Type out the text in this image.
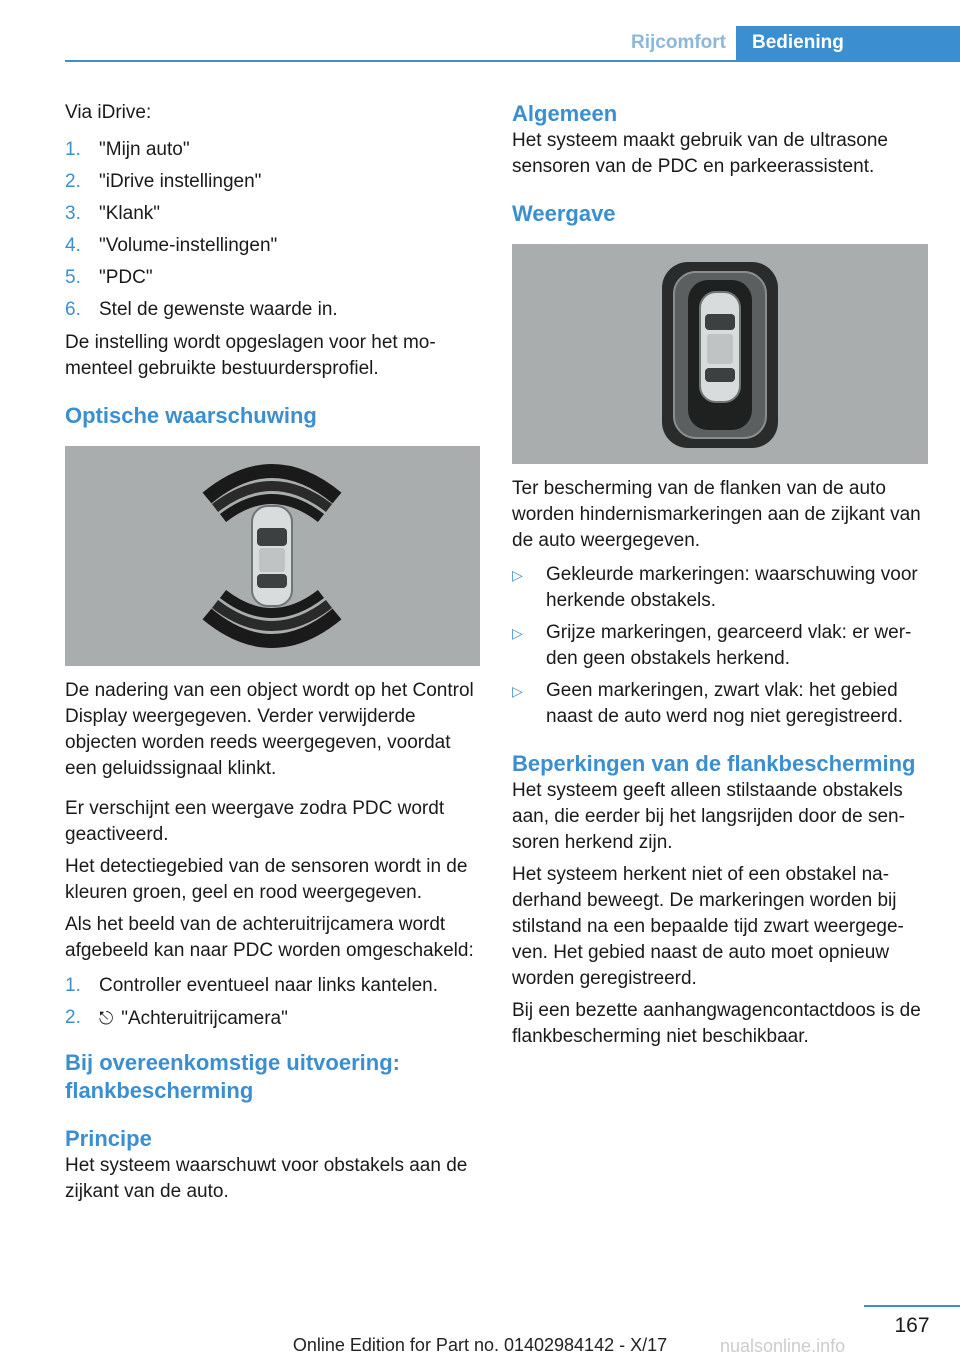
Rijcomfort	Bediening

Via iDrive:

1. "Mijn auto"
2. "iDrive instellingen"
3. "Klank"
4. "Volume-instellingen"
5. "PDC"
6. Stel de gewenste waarde in.

De instelling wordt opgeslagen voor het momenteel gebruikte bestuurdersprofiel.

Optische waarschuwing

De nadering van een object wordt op het Control Display weergegeven. Verder verwijderde objecten worden reeds weergegeven, voordat een geluidssignaal klinkt.

Er verschijnt een weergave zodra PDC wordt geactiveerd.

Het detectiegebied van de sensoren wordt in de kleuren groen, geel en rood weergegeven.

Als het beeld van de achteruitrijcamera wordt afgebeeld kan naar PDC worden omgeschakeld:

1. Controller eventueel naar links kantelen.
2. ⎋ "Achteruitrijcamera"
Bij overeenkomstige uitvoering: flankbescherming
Principe

Het systeem waarschuwt voor obstakels aan de zijkant van de auto.

Algemeen

Het systeem maakt gebruik van de ultrasone sensoren van de PDC en parkeerassistent.

Weergave

Ter bescherming van de flanken van de auto worden hindernismarkeringen aan de zijkant van de auto weergegeven.

▷ Gekleurde markeringen: waarschuwing voor herkende obstakels.
▷ Grijze markeringen, gearceerd vlak: er werden geen obstakels herkend.
▷ Geen markeringen, zwart vlak: het gebied naast de auto werd nog niet geregistreerd.
Beperkingen van de flankbescherming

Het systeem geeft alleen stilstaande obstakels aan, die eerder bij het langsrijden door de sensoren herkend zijn.

Het systeem herkent niet of een obstakel naderhand beweegt. De markeringen worden bij stilstand na een bepaalde tijd zwart weergegeven. Het gebied naast de auto moet opnieuw worden geregistreerd.

Bij een bezette aanhangwagencontactdoos is de flankbescherming niet beschikbaar.

167
Online Edition for Part no. 01402984142 - X/17	nualsonline.info
